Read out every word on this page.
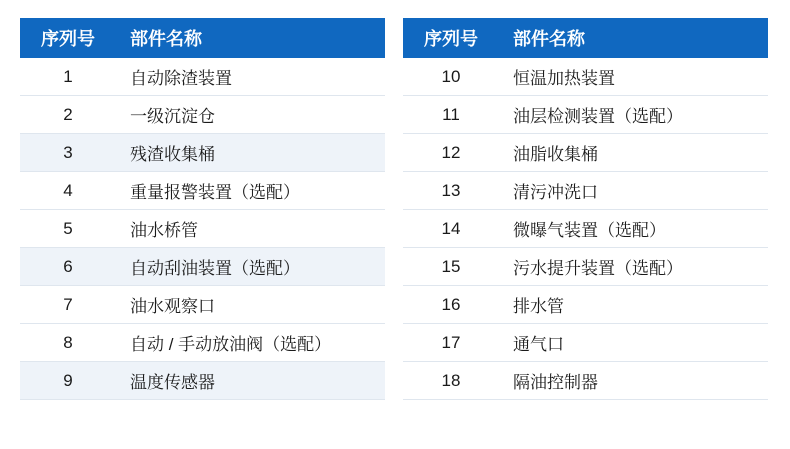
序列号	部件名称
1	自动除渣装置
2	一级沉淀仓
3	残渣收集桶
4	重量报警装置（选配）
5	油水桥管
6	自动刮油装置（选配）
7	油水观察口
8	自动 / 手动放油阀（选配）
9	温度传感器
序列号	部件名称
10	恒温加热装置
11	油层检测装置（选配）
12	油脂收集桶
13	清污冲洗口
14	微曝气装置（选配）
15	污水提升装置（选配）
16	排水管
17	通气口
18	隔油控制器
